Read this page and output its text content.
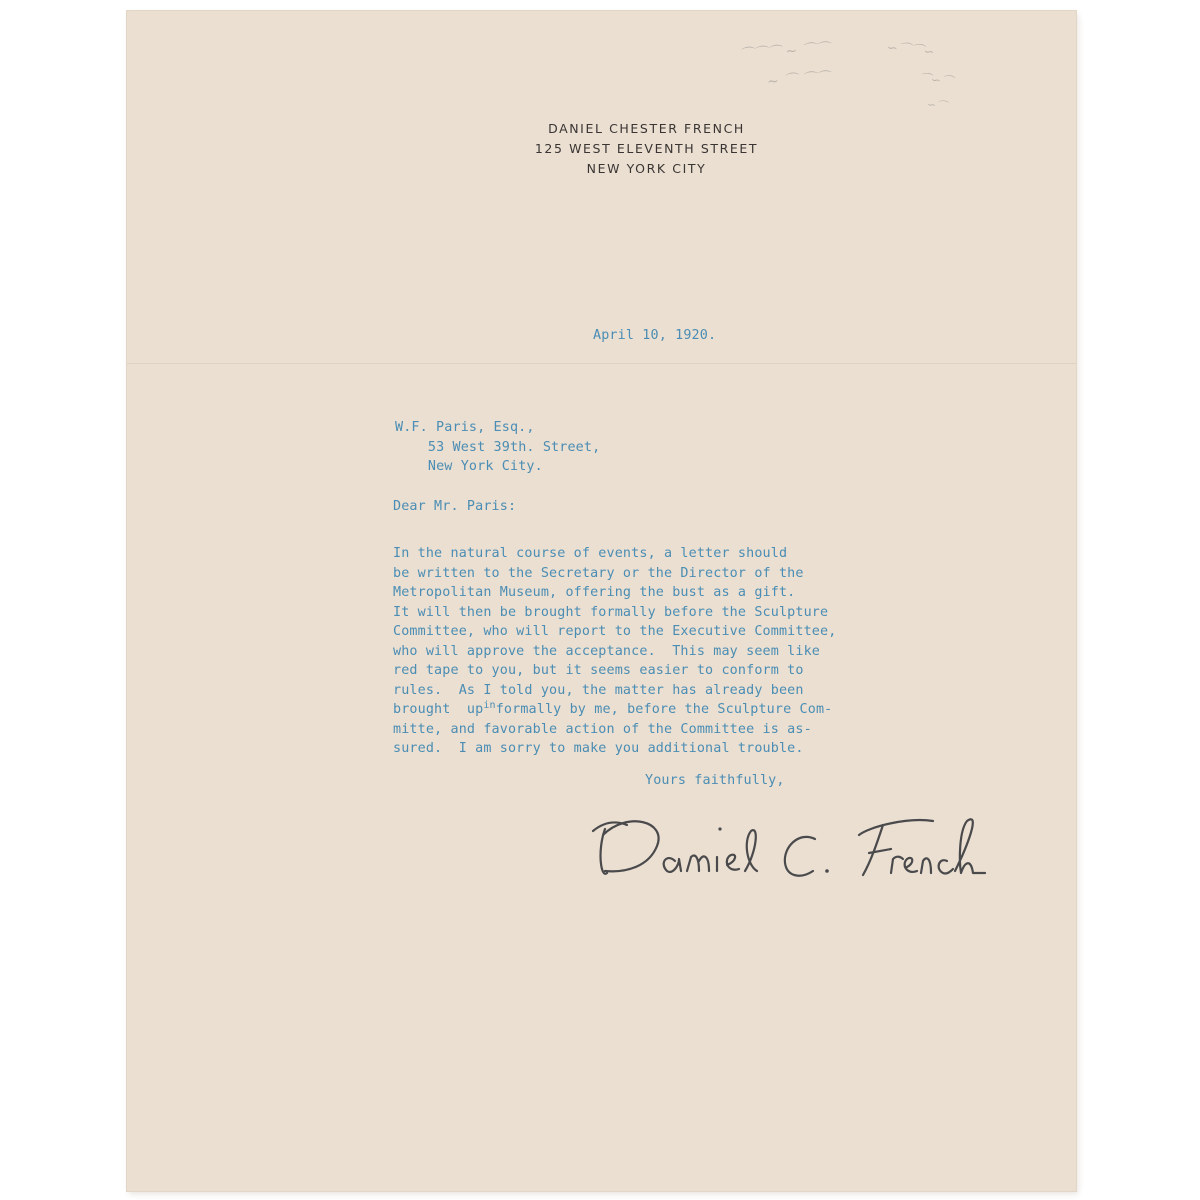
⌒⌒⌒ ~ ⌒⌒
~ ⌒ ⌒⌒
∽⌒⌒∽
⌒∽⌒
∽⌒
DANIEL CHESTER FRENCH
125 WEST ELEVENTH STREET
NEW YORK CITY
April 10, 1920.
W.F. Paris, Esq.,
53 West 39th. Street,
New York City.
Dear Mr. Paris:
In the natural course of events, a letter should
be written to the Secretary or the Director of the
Metropolitan Museum, offering the bust as a gift.
It will then be brought formally before the Sculpture
Committee, who will report to the Executive Committee,
who will approve the acceptance.  This may seem like
red tape to you, but it seems easier to conform to
rules.  As I told you, the matter has already been
brought  $up^{in}formally$ by me, before the Sculpture Com-
mitte, and favorable action of the Committee is as-
sured.  I am sorry to make you additional trouble.
Yours faithfully,
